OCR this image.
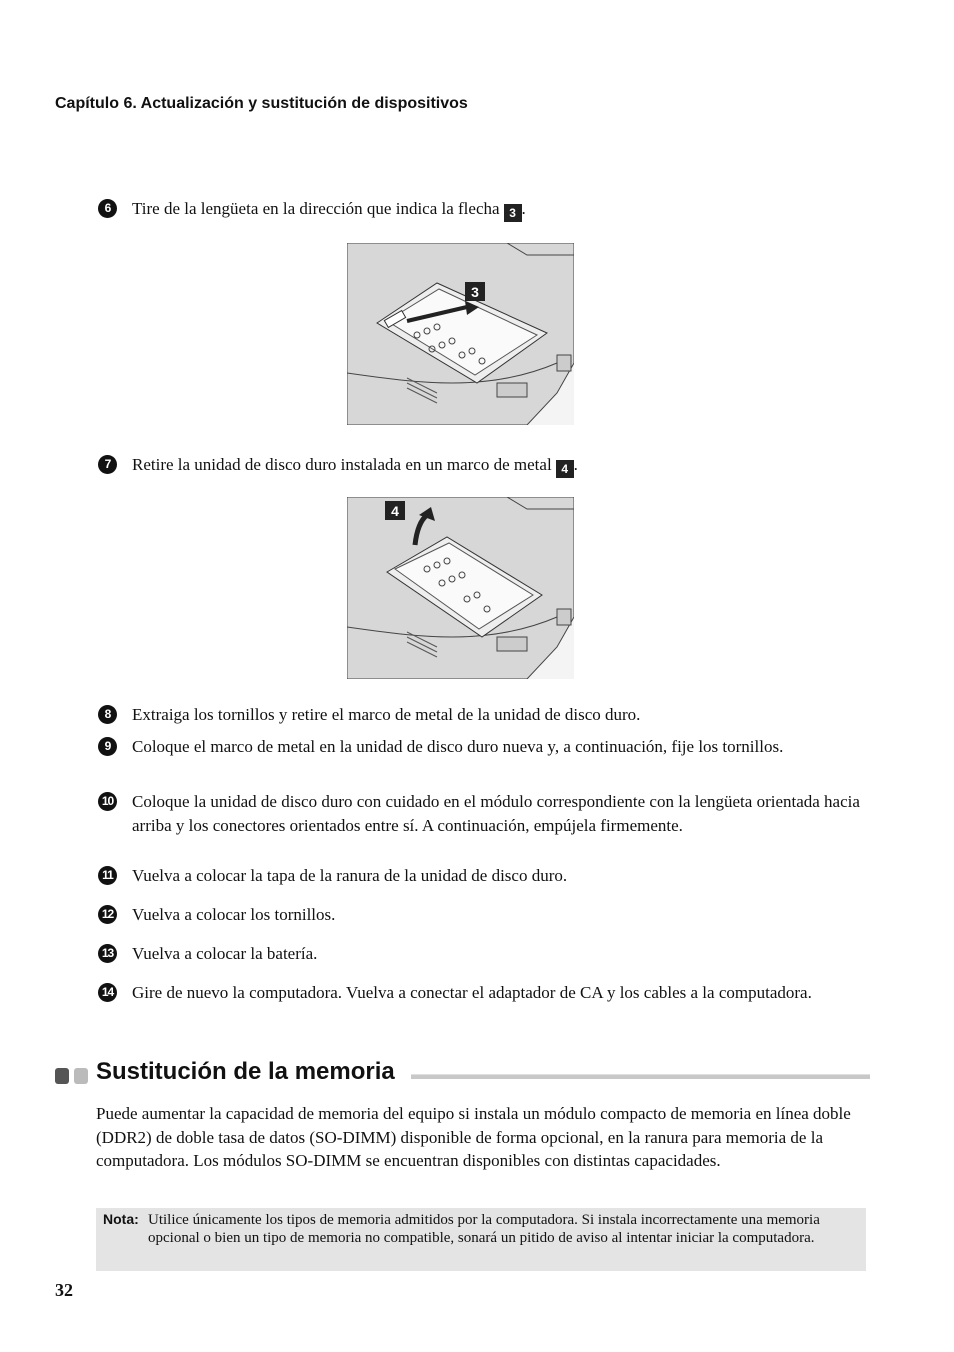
Capítulo 6. Actualización y sustitución de dispositivos
6	Tire de la lengüeta en la dirección que indica la flecha 3 .
3
7	Retire la unidad de disco duro instalada en un marco de metal 4 .
4
8	Extraiga los tornillos y retire el marco de metal de la unidad de disco duro.
9	Coloque el marco de metal en la unidad de disco duro nueva y, a continuación, fije los tornillos.
10 Coloque la unidad de disco duro con cuidado en el módulo correspondiente con la lengüeta orientada hacia arriba y los conectores orientados entre sí. A continuación, empújela firmemente.
11 Vuelva a colocar la tapa de la ranura de la unidad de disco duro.
12 Vuelva a colocar los tornillos.
13 Vuelva a colocar la batería.
14 Gire de nuevo la computadora. Vuelva a conectar el adaptador de CA y los cables a la computadora.
Sustitución de la memoria
Puede aumentar la capacidad de memoria del equipo si instala un módulo compacto de memoria en línea doble (DDR2) de doble tasa de datos (SO-DIMM) disponible de forma opcional, en la ranura para memoria de la computadora. Los módulos SO-DIMM se encuentran disponibles con distintas capacidades.
Nota: Utilice únicamente los tipos de memoria admitidos por la computadora. Si instala incorrectamente una memoria opcional o bien un tipo de memoria no compatible, sonará un pitido de aviso al intentar iniciar la computadora.
32
